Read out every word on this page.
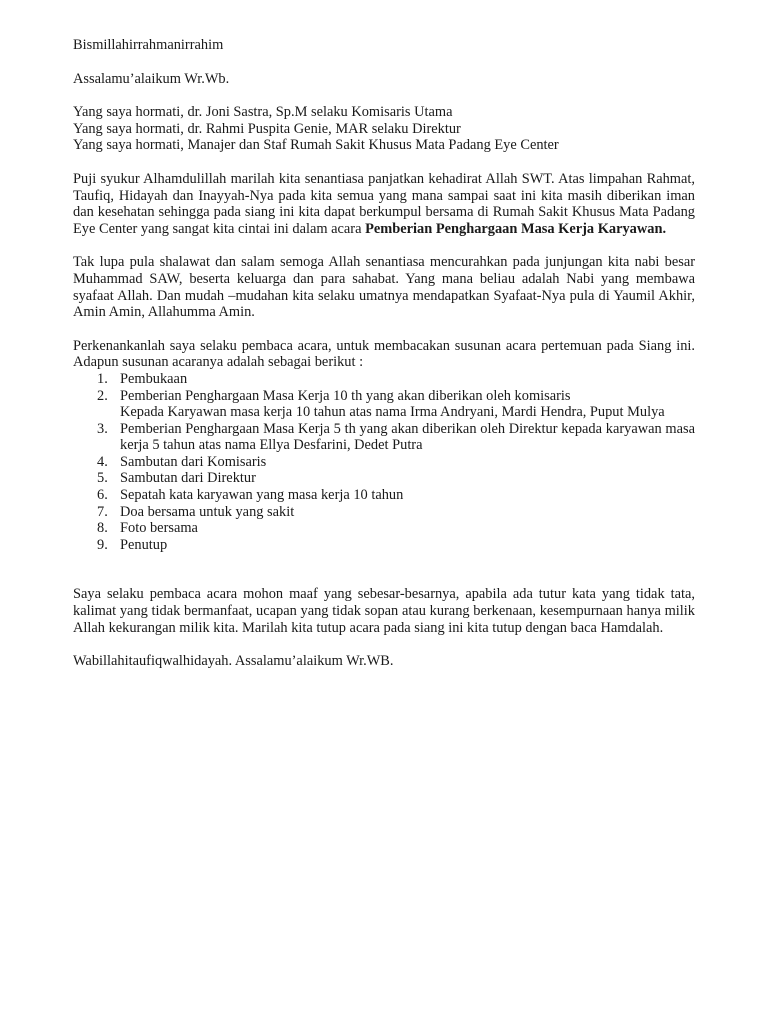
Bismillahirrahmanirrahim

Assalamu’alaikum Wr.Wb.

Yang saya hormati, dr. Joni Sastra, Sp.M selaku Komisaris Utama

Yang saya hormati, dr. Rahmi Puspita Genie, MAR selaku Direktur

Yang saya hormati, Manajer dan Staf Rumah Sakit Khusus Mata Padang Eye Center

Puji syukur Alhamdulillah marilah kita senantiasa panjatkan kehadirat Allah SWT. Atas limpahan Rahmat, Taufiq, Hidayah dan Inayyah-Nya pada kita semua yang mana sampai saat ini kita masih diberikan iman dan kesehatan sehingga pada siang ini kita dapat berkumpul bersama di Rumah Sakit Khusus Mata Padang Eye Center yang sangat kita cintai ini dalam acara Pemberian Penghargaan Masa Kerja Karyawan.

Tak lupa pula shalawat dan salam semoga Allah senantiasa mencurahkan pada junjungan kita nabi besar Muhammad SAW, beserta keluarga dan para sahabat. Yang mana beliau adalah Nabi yang membawa syafaat Allah. Dan mudah –mudahan kita selaku umatnya mendapatkan Syafaat-Nya pula di Yaumil Akhir, Amin Amin, Allahumma Amin.

Perkenankanlah saya selaku pembaca acara, untuk membacakan susunan acara pertemuan pada Siang ini. Adapun susunan acaranya adalah sebagai berikut :

1. Pembukaan
2. Pemberian Penghargaan Masa Kerja 10 th yang akan diberikan oleh komisaris
Kepada Karyawan masa kerja 10 tahun atas nama Irma Andryani, Mardi Hendra, Puput Mulya
3. Pemberian Penghargaan Masa Kerja 5 th yang akan diberikan oleh Direktur kepada karyawan masa kerja 5 tahun atas nama Ellya Desfarini, Dedet Putra
4. Sambutan dari Komisaris
5. Sambutan dari Direktur
6. Sepatah kata karyawan yang masa kerja 10 tahun
7. Doa bersama untuk yang sakit
8. Foto bersama
9. Penutup

Saya selaku pembaca acara mohon maaf yang sebesar-besarnya, apabila ada tutur kata yang tidak tata, kalimat yang tidak bermanfaat, ucapan yang tidak sopan atau kurang berkenaan, kesempurnaan hanya milik Allah kekurangan milik kita. Marilah kita tutup acara pada siang ini kita tutup dengan baca Hamdalah.

Wabillahitaufiqwalhidayah. Assalamu’alaikum Wr.WB.
